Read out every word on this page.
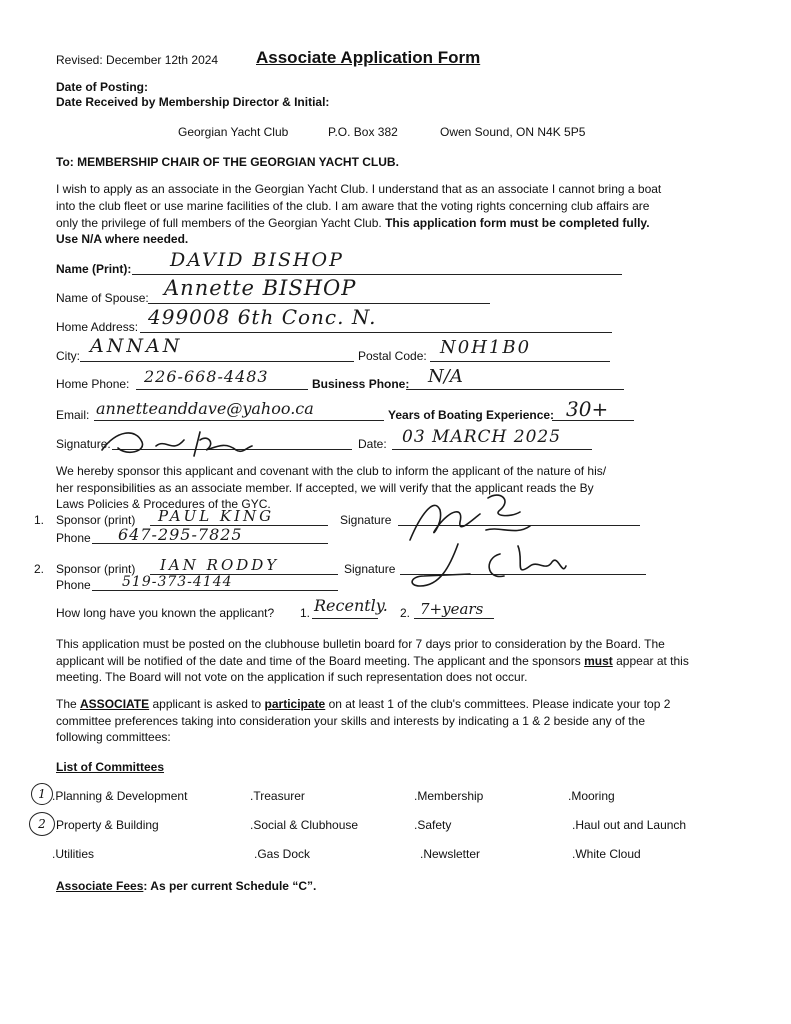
Revised: December 12th 2024 Associate Application Form
Date of Posting:
Date Received by Membership Director & Initial:
Georgian Yacht Club	P.O. Box 382	Owen Sound, ON N4K 5P5
To: MEMBERSHIP CHAIR OF THE GEORGIAN YACHT CLUB.
I wish to apply as an associate in the Georgian Yacht Club. I understand that as an associate I cannot bring a boat
into the club fleet or use marine facilities of the club. I am aware that the voting rights concerning club affairs are
only the privilege of full members of the Georgian Yacht Club. This application form must be completed fully.
Use N/A where needed.
Name (Print): DAVID BISHOP
Name of Spouse: Annette BISHOP
Home Address: 499008 6th Conc. N.
City: ANNAN	Postal Code: N0H1B0
Home Phone: 226-668-4483	Business Phone: N/A
Email: annetteanddave@yahoo.ca	Years of Boating Experience: 30+
Signature:	Date: 03 MARCH 2025
We hereby sponsor this applicant and covenant with the club to inform the applicant of the nature of his/
her responsibilities as an associate member. If accepted, we will verify that the applicant reads the By
Laws Policies & Procedures of the GYC.
1. Sponsor (print) PAUL KING	Signature
Phone 647-295-7825
2. Sponsor (print) IAN RODDY	Signature
Phone 519-373-4144
How long have you known the applicant? 1. Recently. 2. 7+years
This application must be posted on the clubhouse bulletin board for 7 days prior to consideration by the Board. The
applicant will be notified of the date and time of the Board meeting. The applicant and the sponsors must appear at this
meeting. The Board will not vote on the application if such representation does not occur.
The ASSOCIATE applicant is asked to participate on at least 1 of the club's committees. Please indicate your top 2
committee preferences taking into consideration your skills and interests by indicating a 1 & 2 beside any of the
following committees:
List of Committees
1
2
.Planning & Development	.Treasurer	.Membership	.Mooring
Property & Building	.Social & Clubhouse	.Safety	.Haul out and Launch
.Utilities	.Gas Dock	.Newsletter	.White Cloud
Associate Fees: As per current Schedule “C”.
